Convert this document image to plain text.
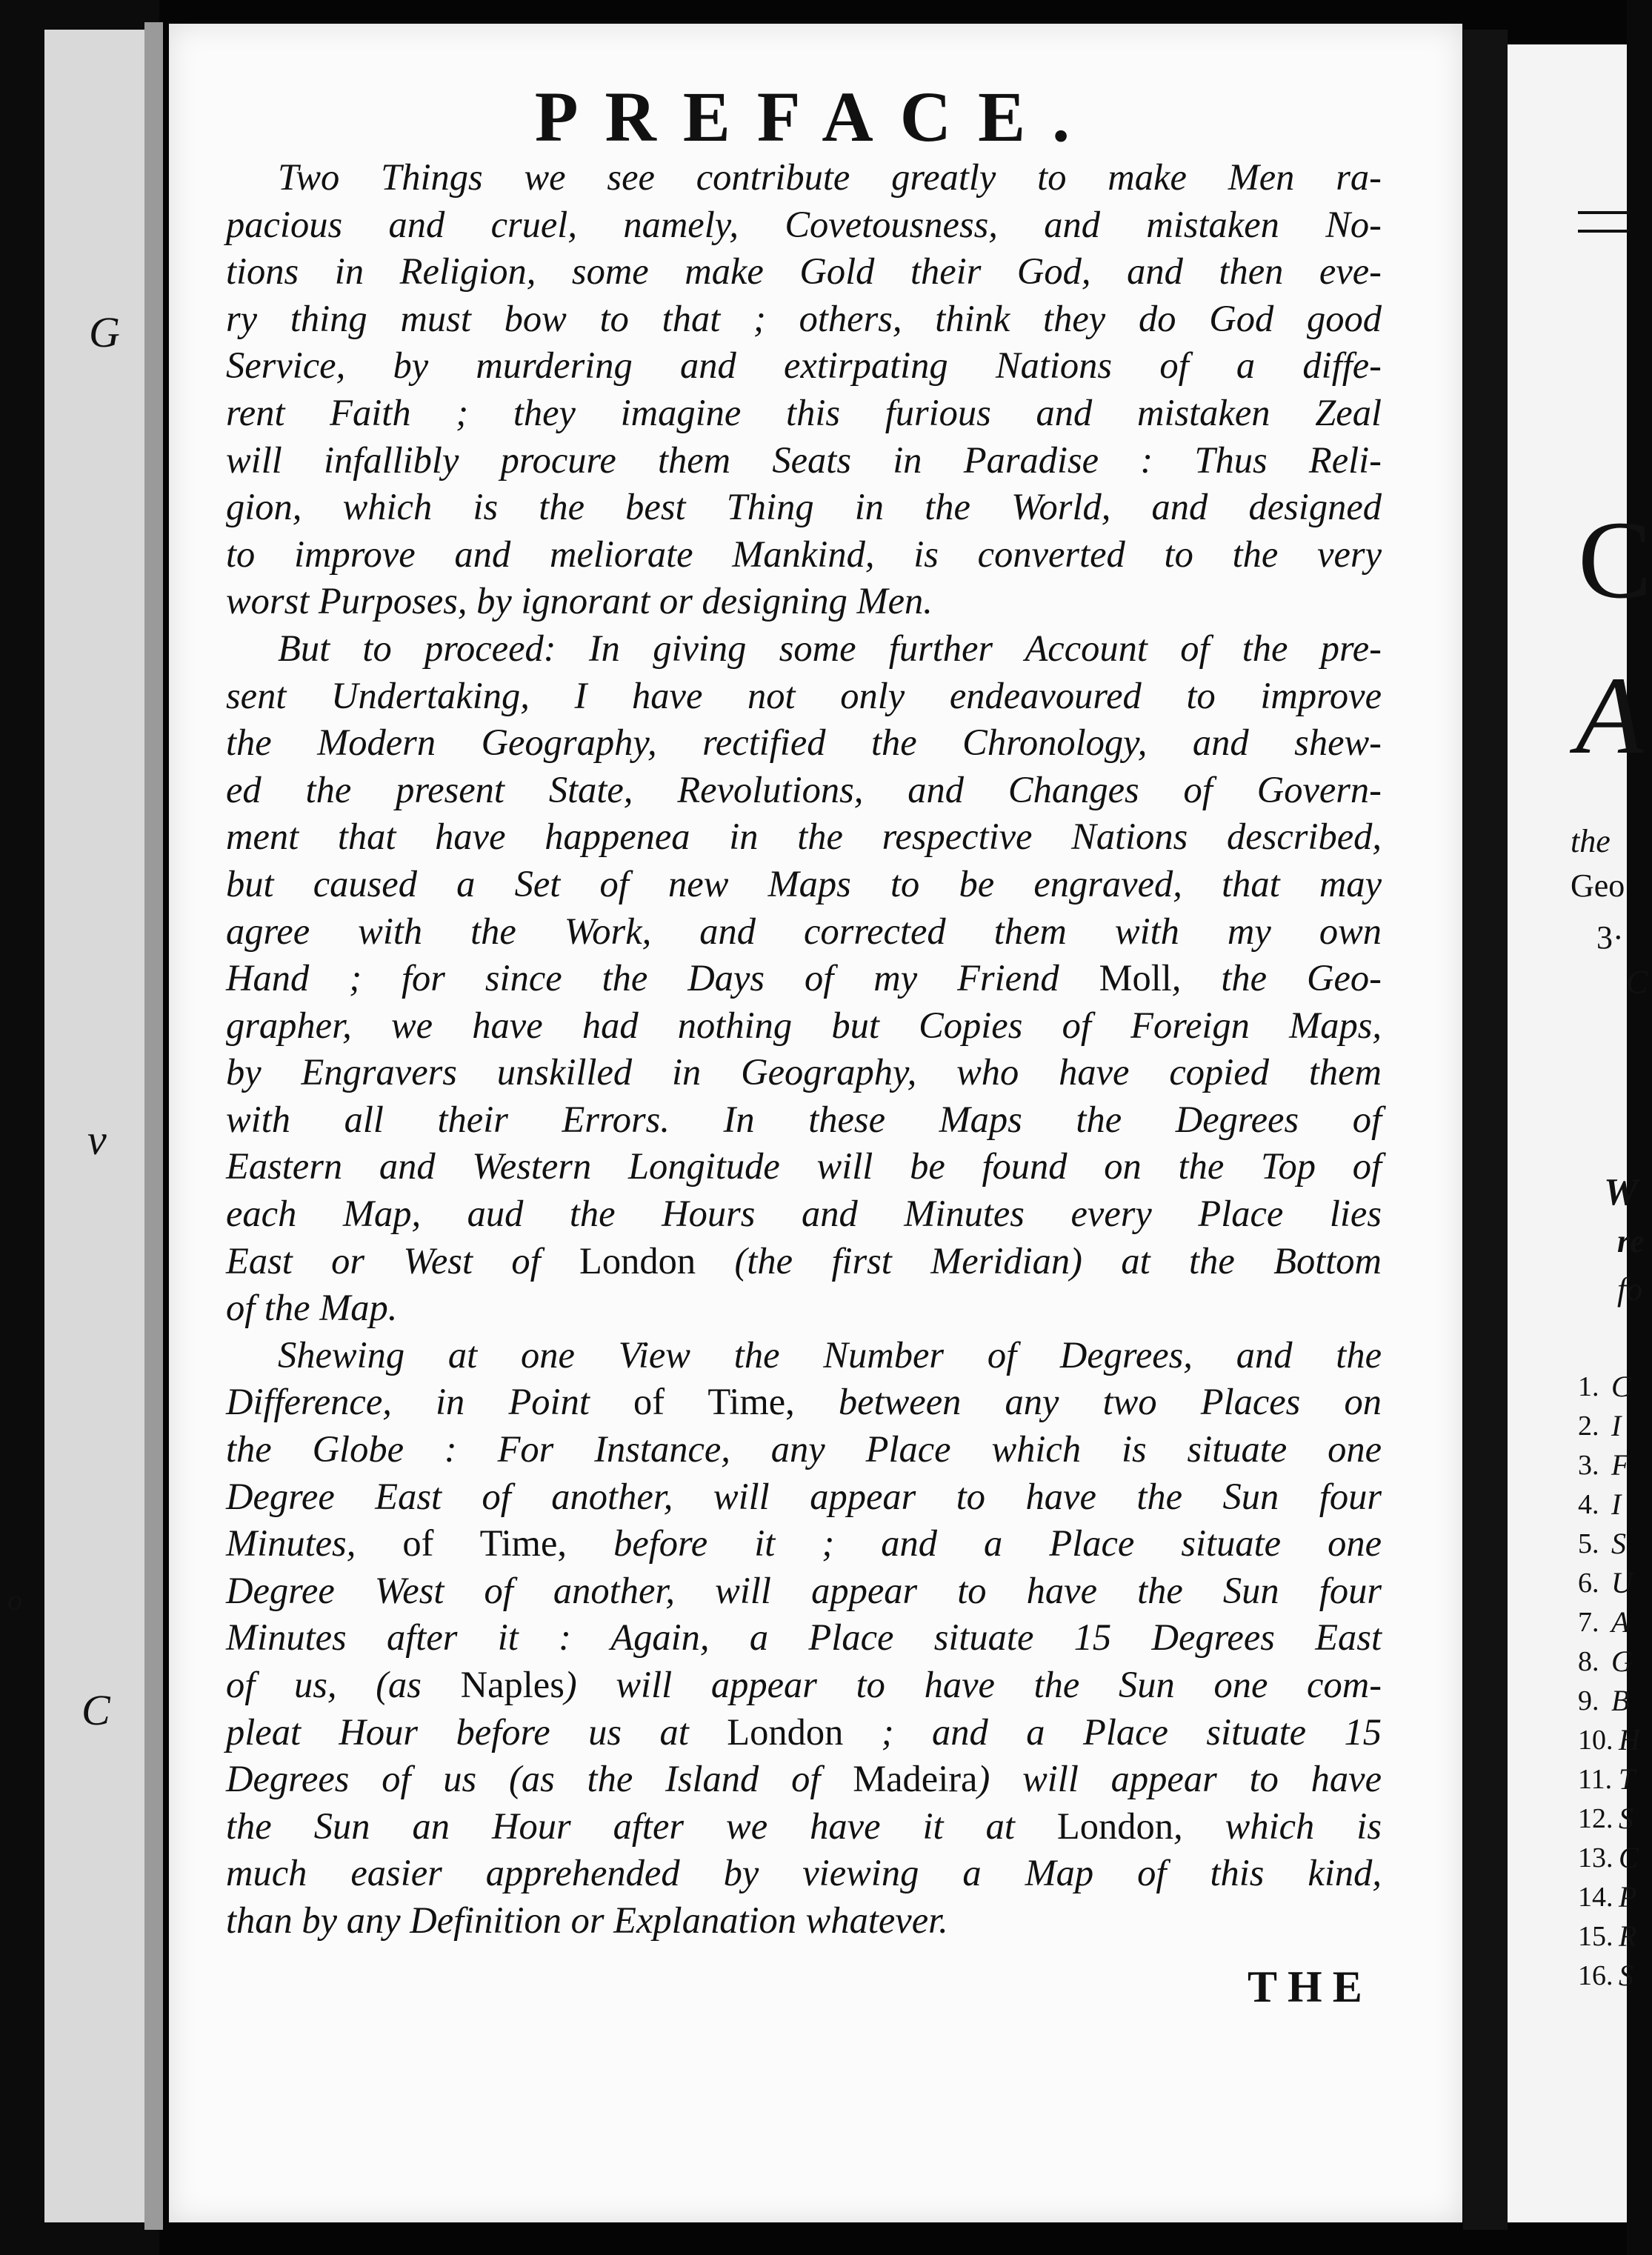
G
v
o
C
PREFACE.
Two Things we see contribute greatly to make Men ra-
pacious and cruel, namely, Covetousness, and mistaken No-
tions in Religion, some make Gold their God, and then eve-
ry thing must bow to that ; others, think they do God good
Service, by murdering and extirpating Nations of a diffe-
rent Faith ; they imagine this furious and mistaken Zeal
will infallibly procure them Seats in Paradise : Thus Reli-
gion, which is the best Thing in the World, and designed
to improve and meliorate Mankind, is converted to the very
worst Purposes, by ignorant or designing Men.
But to proceed: In giving some further Account of the pre-
sent Undertaking, I have not only endeavoured to improve
the Modern Geography, rectified the Chronology, and shew-
ed the present State, Revolutions, and Changes of Govern-
ment that have happenea in the respective Nations described,
but caused a Set of new Maps to be engraved, that may
agree with the Work, and corrected them with my own
Hand ; for since the Days of my Friend Moll, the Geo-
grapher, we have had nothing but Copies of Foreign Maps,
by Engravers unskilled in Geography, who have copied them
with all their Errors. In these Maps the Degrees of
Eastern and Western Longitude will be found on the Top of
each Map, aud the Hours and Minutes every Place lies
East or West of London (the first Meridian) at the Bottom
of the Map.
Shewing at one View the Number of Degrees, and the
Difference, in Point of Time, between any two Places on
the Globe : For Instance, any Place which is situate one
Degree East of another, will appear to have the Sun four
Minutes, of Time, before it ; and a Place situate one
Degree West of another, will appear to have the Sun four
Minutes after it : Again, a Place situate 15 Degrees East
of us, (as Naples) will appear to have the Sun one com-
pleat Hour before us at London ; and a Place situate 15
Degrees of us (as the Island of Madeira) will appear to have
the Sun an Hour after we have it at London, which is
much easier apprehended by viewing a Map of this kind,
than by any Definition or Explanation whatever.
THE
C
A
the
Geo
3·
C
W
re
fo
1. C
2. I
3. F
4. I
5. S
6. U
7. A
8. G
9. B
10. H
11. T
12. S
13. C
14. P
15. R
16. S
